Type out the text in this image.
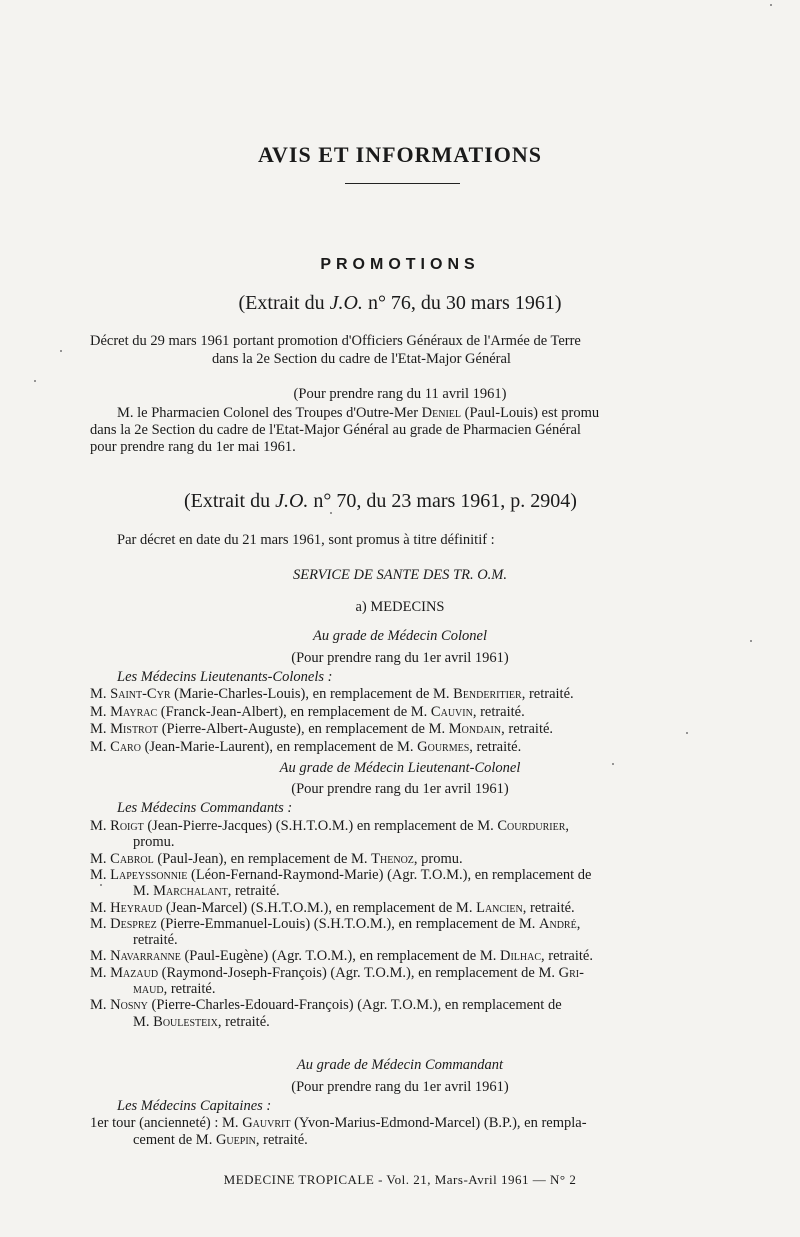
AVIS ET INFORMATIONS
PROMOTIONS
(Extrait du J.O. n° 76, du 30 mars 1961)
Décret du 29 mars 1961 portant promotion d'Officiers Généraux de l'Armée de Terre
dans la 2e Section du cadre de l'Etat-Major Général
(Pour prendre rang du 11 avril 1961)
M. le Pharmacien Colonel des Troupes d'Outre-Mer Deniel (Paul-Louis) est promu
dans la 2e Section du cadre de l'Etat-Major Général au grade de Pharmacien Général
pour prendre rang du 1er mai 1961.
(Extrait du J.O. n° 70, du 23 mars 1961, p. 2904)
Par décret en date du 21 mars 1961, sont promus à titre définitif :
SERVICE DE SANTE DES TR. O.M.
a) MEDECINS
Au grade de Médecin Colonel
(Pour prendre rang du 1er avril 1961)
Les Médecins Lieutenants-Colonels :
M. Saint-Cyr (Marie-Charles-Louis), en remplacement de M. Benderitier, retraité.
M. Mayrac (Franck-Jean-Albert), en remplacement de M. Cauvin, retraité.
M. Mistrot (Pierre-Albert-Auguste), en remplacement de M. Mondain, retraité.
M. Caro (Jean-Marie-Laurent), en remplacement de M. Gourmes, retraité.
Au grade de Médecin Lieutenant-Colonel
(Pour prendre rang du 1er avril 1961)
Les Médecins Commandants :
M. Roigt (Jean-Pierre-Jacques) (S.H.T.O.M.) en remplacement de M. Courdurier,
promu.
M. Cabrol (Paul-Jean), en remplacement de M. Thenoz, promu.
M. Lapeyssonnie (Léon-Fernand-Raymond-Marie) (Agr. T.O.M.), en remplacement de
M. Marchalant, retraité.
M. Heyraud (Jean-Marcel) (S.H.T.O.M.), en remplacement de M. Lancien, retraité.
M. Desprez (Pierre-Emmanuel-Louis) (S.H.T.O.M.), en remplacement de M. André,
retraité.
M. Navarranne (Paul-Eugène) (Agr. T.O.M.), en remplacement de M. Dilhac, retraité.
M. Mazaud (Raymond-Joseph-François) (Agr. T.O.M.), en remplacement de M. Gri-
maud, retraité.
M. Nosny (Pierre-Charles-Edouard-François) (Agr. T.O.M.), en remplacement de
M. Boulesteix, retraité.
Au grade de Médecin Commandant
(Pour prendre rang du 1er avril 1961)
Les Médecins Capitaines :
1er tour (ancienneté) : M. Gauvrit (Yvon-Marius-Edmond-Marcel) (B.P.), en rempla-
cement de M. Guepin, retraité.
MEDECINE TROPICALE - Vol. 21, Mars-Avril 1961 — N° 2
